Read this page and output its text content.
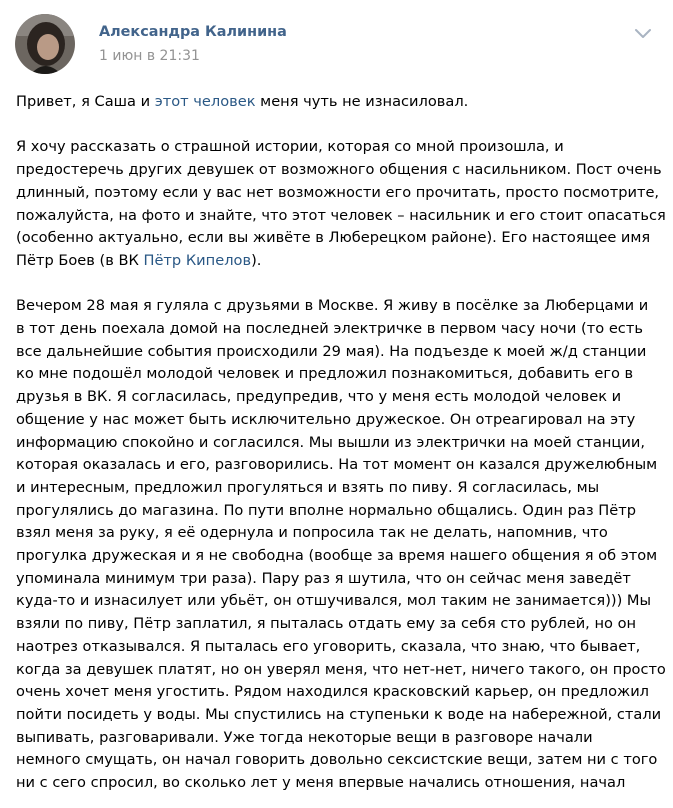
Александра Калинина
1 июн в 21:31

Привет, я Саша и этот человек меня чуть не изнасиловал.

Я хочу рассказать о страшной истории, которая со мной произошла, и
предостеречь других девушек от возможного общения с насильником. Пост очень
длинный, поэтому если у вас нет возможности его прочитать, просто посмотрите,
пожалуйста, на фото и знайте, что этот человек – насильник и его стоит опасаться
(особенно актуально, если вы живёте в Люберецком районе). Его настоящее имя
Пётр Боев (в ВК Пётр Кипелов).

Вечером 28 мая я гуляла с друзьями в Москве. Я живу в посёлке за Люберцами и
в тот день поехала домой на последней электричке в первом часу ночи (то есть
все дальнейшие события происходили 29 мая). На подъезде к моей ж/д станции
ко мне подошёл молодой человек и предложил познакомиться, добавить его в
друзья в ВК. Я согласилась, предупредив, что у меня есть молодой человек и
общение у нас может быть исключительно дружеское. Он отреагировал на эту
информацию спокойно и согласился. Мы вышли из электрички на моей станции,
которая оказалась и его, разговорились. На тот момент он казался дружелюбным
и интересным, предложил прогуляться и взять по пиву. Я согласилась, мы
прогулялись до магазина. По пути вполне нормально общались. Один раз Пётр
взял меня за руку, я её одернула и попросила так не делать, напомнив, что
прогулка дружеская и я не свободна (вообще за время нашего общения я об этом
упоминала минимум три раза). Пару раз я шутила, что он сейчас меня заведёт
куда-то и изнасилует или убьёт, он отшучивался, мол таким не занимается))) Мы
взяли по пиву, Пётр заплатил, я пыталась отдать ему за себя сто рублей, но он
наотрез отказывался. Я пыталась его уговорить, сказала, что знаю, что бывает,
когда за девушек платят, но он уверял меня, что нет-нет, ничего такого, он просто
очень хочет меня угостить. Рядом находился красковский карьер, он предложил
пойти посидеть у воды. Мы спустились на ступеньки к воде на набережной, стали
выпивать, разговаривали. Уже тогда некоторые вещи в разговоре начали
немного смущать, он начал говорить довольно сексистские вещи, затем ни с того
ни с сего спросил, во сколько лет у меня впервые начались отношения, начал
